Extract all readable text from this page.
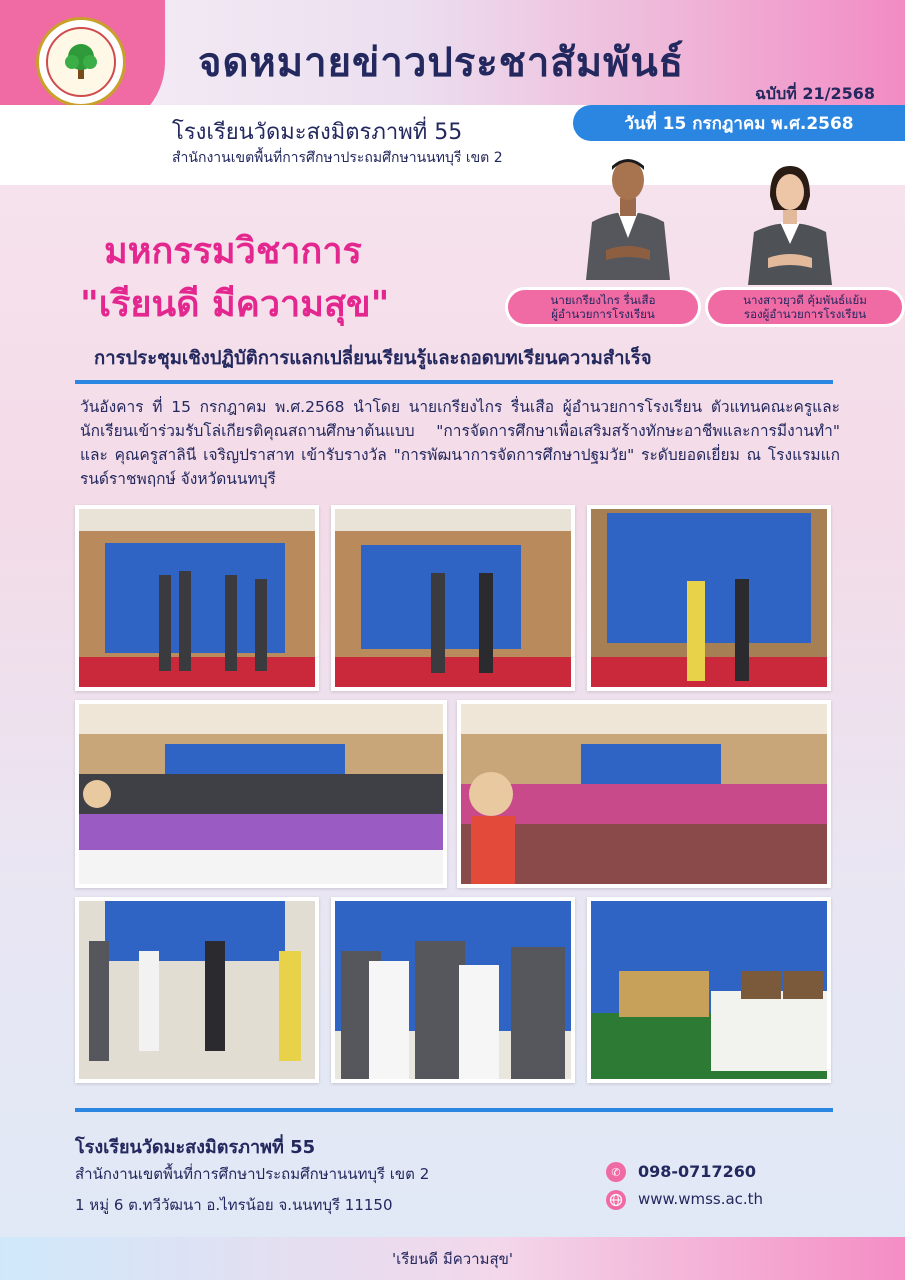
จดหมายข่าวประชาสัมพันธ์
ฉบับที่ 21/2568
โรงเรียนวัดมะสงมิตรภาพที่ 55
สำนักงานเขตพื้นที่การศึกษาประถมศึกษานนทบุรี เขต 2
วันที่ 15 กรกฎาคม พ.ศ.2568
มหกรรมวิชาการ
"เรียนดี มีความสุข"	นายเกรียงไกร รื่นเสือ
ผู้อำนวยการโรงเรียน
นางสาวยุวดี คุ้มพันธ์แย้ม
รองผู้อำนวยการโรงเรียน
การประชุมเชิงปฏิบัติการแลกเปลี่ยนเรียนรู้และถอดบทเรียนความสำเร็จ
วันอังคาร ที่ 15 กรกฎาคม พ.ศ.2568 นำโดย นายเกรียงไกร รื่นเสือ ผู้อำนวยการโรงเรียน ตัวแทนคณะครูและนักเรียนเข้าร่วมรับโล่เกียรติคุณสถานศึกษาต้นแบบ "การจัดการศึกษาเพื่อเสริมสร้างทักษะอาชีพและการมีงานทำ" และ คุณครูสาลินี เจริญปราสาท เข้ารับรางวัล "การพัฒนาการจัดการศึกษาปฐมวัย" ระดับยอดเยี่ยม ณ โรงแรมแกรนด์ราชพฤกษ์ จังหวัดนนทบุรี
โรงเรียนวัดมะสงมิตรภาพที่ 55
สำนักงานเขตพื้นที่การศึกษาประถมศึกษานนทบุรี เขต 2
1 หมู่ 6 ต.ทวีวัฒนา อ.ไทรน้อย จ.นนทบุรี 11150
✆	098-0717260
www.wmss.ac.th
'เรียนดี มีความสุข'
